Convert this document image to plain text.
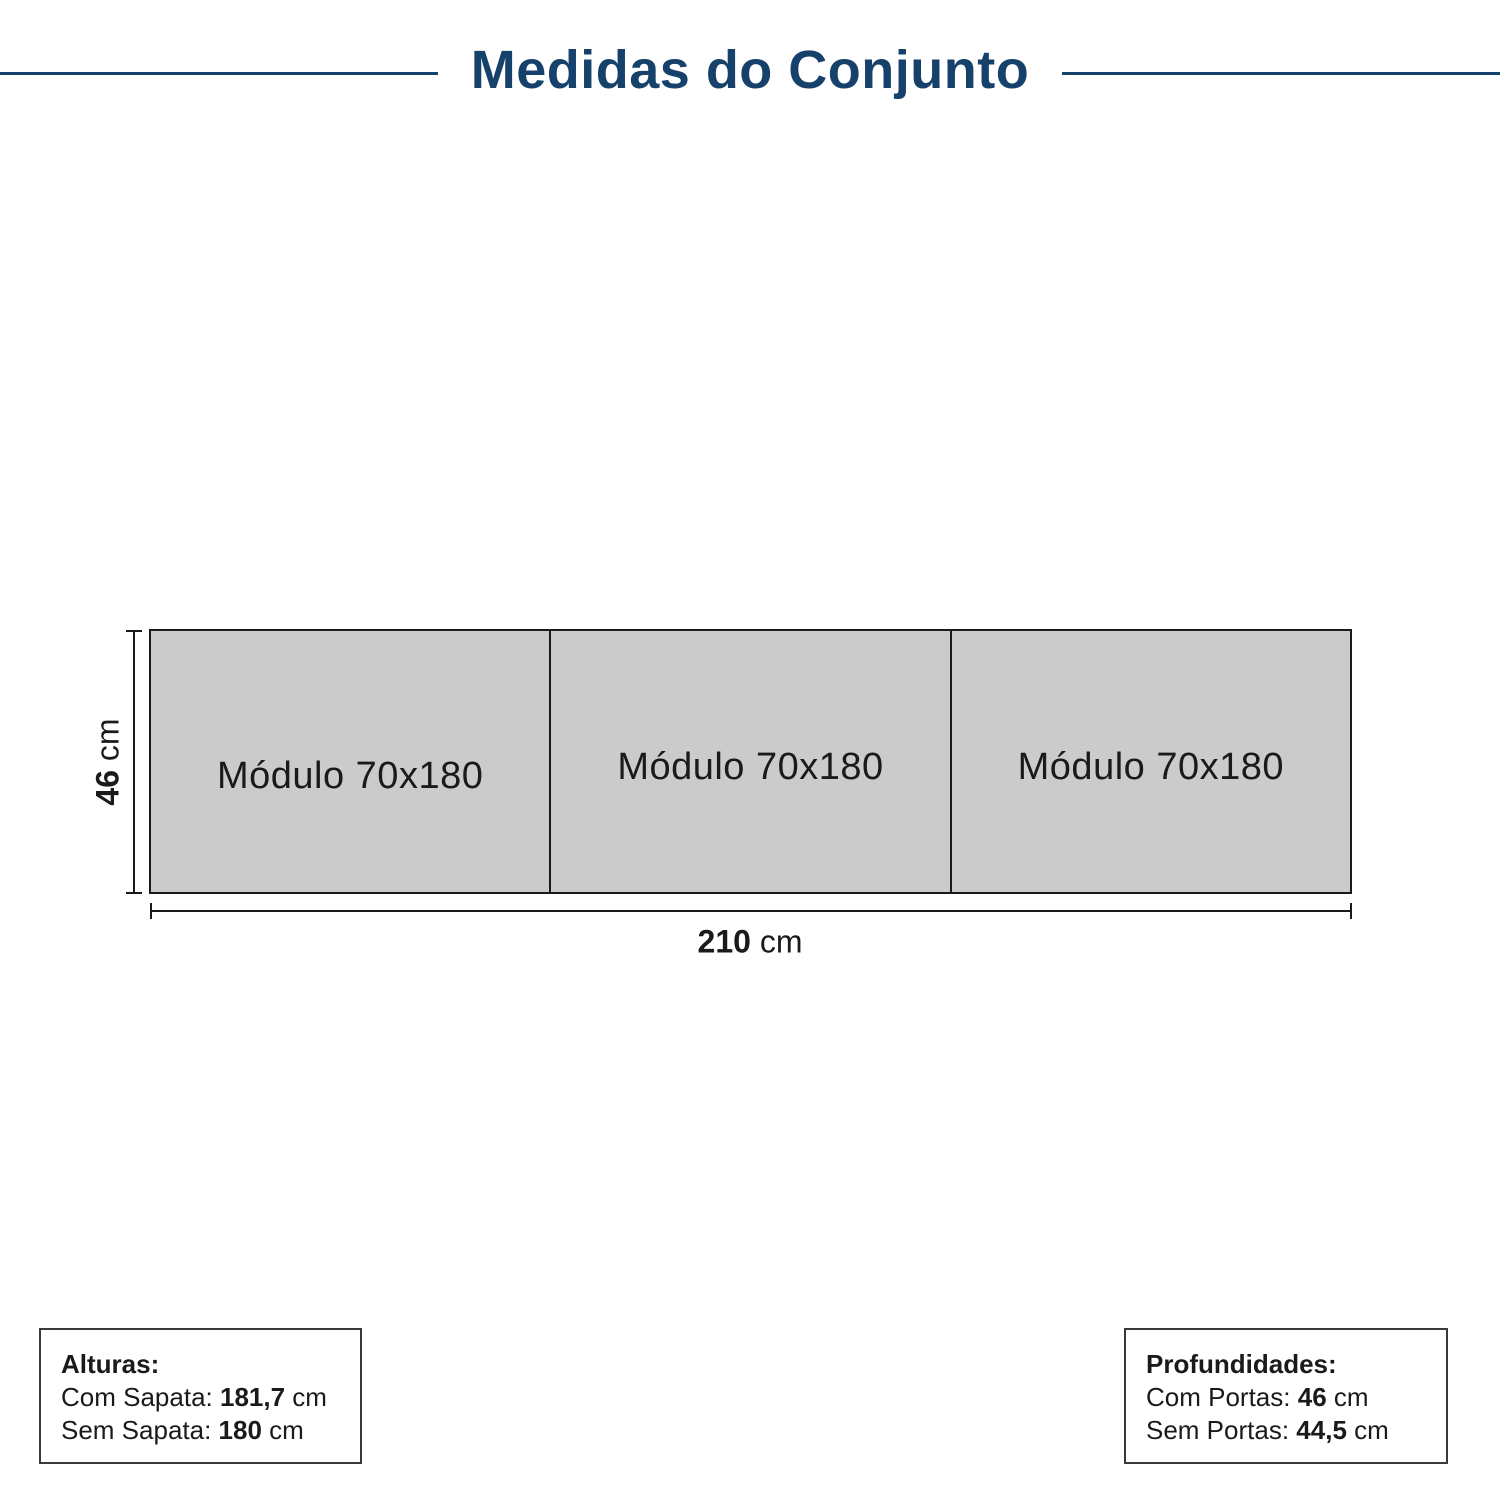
Medidas do Conjunto
46 cm
Módulo 70x180	Módulo 70x180	Módulo 70x180
210 cm
Alturas:
Com Sapata: 181,7 cm
Sem Sapata: 180 cm
Profundidades:
Com Portas: 46 cm
Sem Portas: 44,5 cm
